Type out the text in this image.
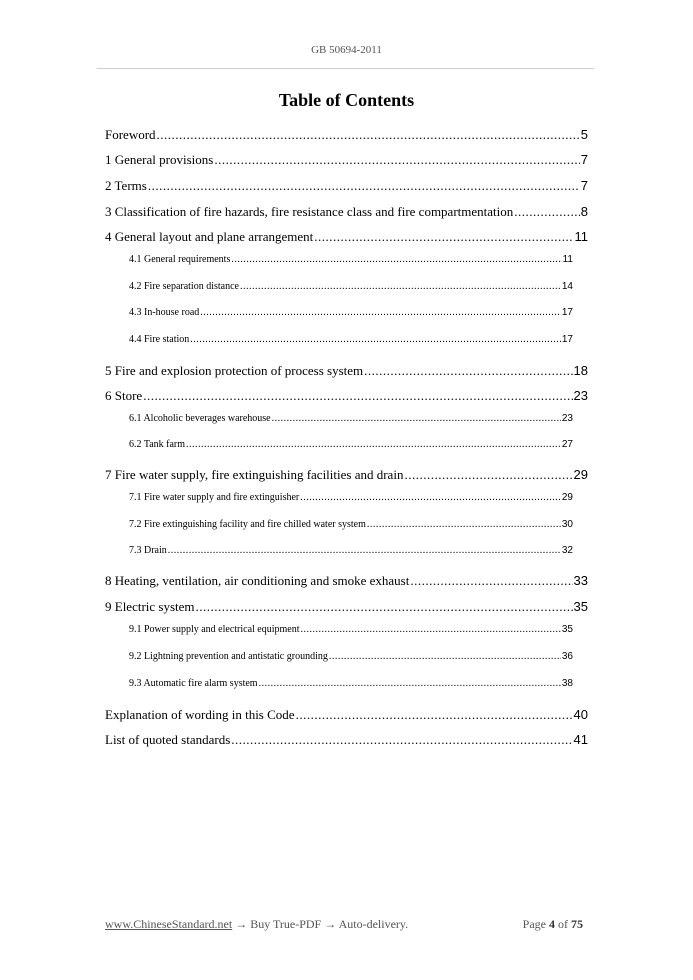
GB 50694-2011
Table of Contents
Foreword .....	5
1 General provisions .....	7
2 Terms .....	7
3 Classification of fire hazards, fire resistance class and fire compartmentation .....	8
4 General layout and plane arrangement .....	11
4.1 General requirements .....	11
4.2 Fire separation distance .....	14
4.3 In-house road .....	17
4.4 Fire station .....	17
5 Fire and explosion protection of process system .....	18
6 Store .....	23
6.1 Alcoholic beverages warehouse .....	23
6.2 Tank farm .....	27
7 Fire water supply, fire extinguishing facilities and drain .....	29
7.1 Fire water supply and fire extinguisher .....	29
7.2 Fire extinguishing facility and fire chilled water system .....	30
7.3 Drain .....	32
8 Heating, ventilation, air conditioning and smoke exhaust .....	33
9 Electric system .....	35
9.1 Power supply and electrical equipment .....	35
9.2 Lightning prevention and antistatic grounding .....	36
9.3 Automatic fire alarm system .....	38
Explanation of wording in this Code .....	40
List of quoted standards .....	41
www.ChineseStandard.net → Buy True-PDF → Auto-delivery.	Page 4 of 75
